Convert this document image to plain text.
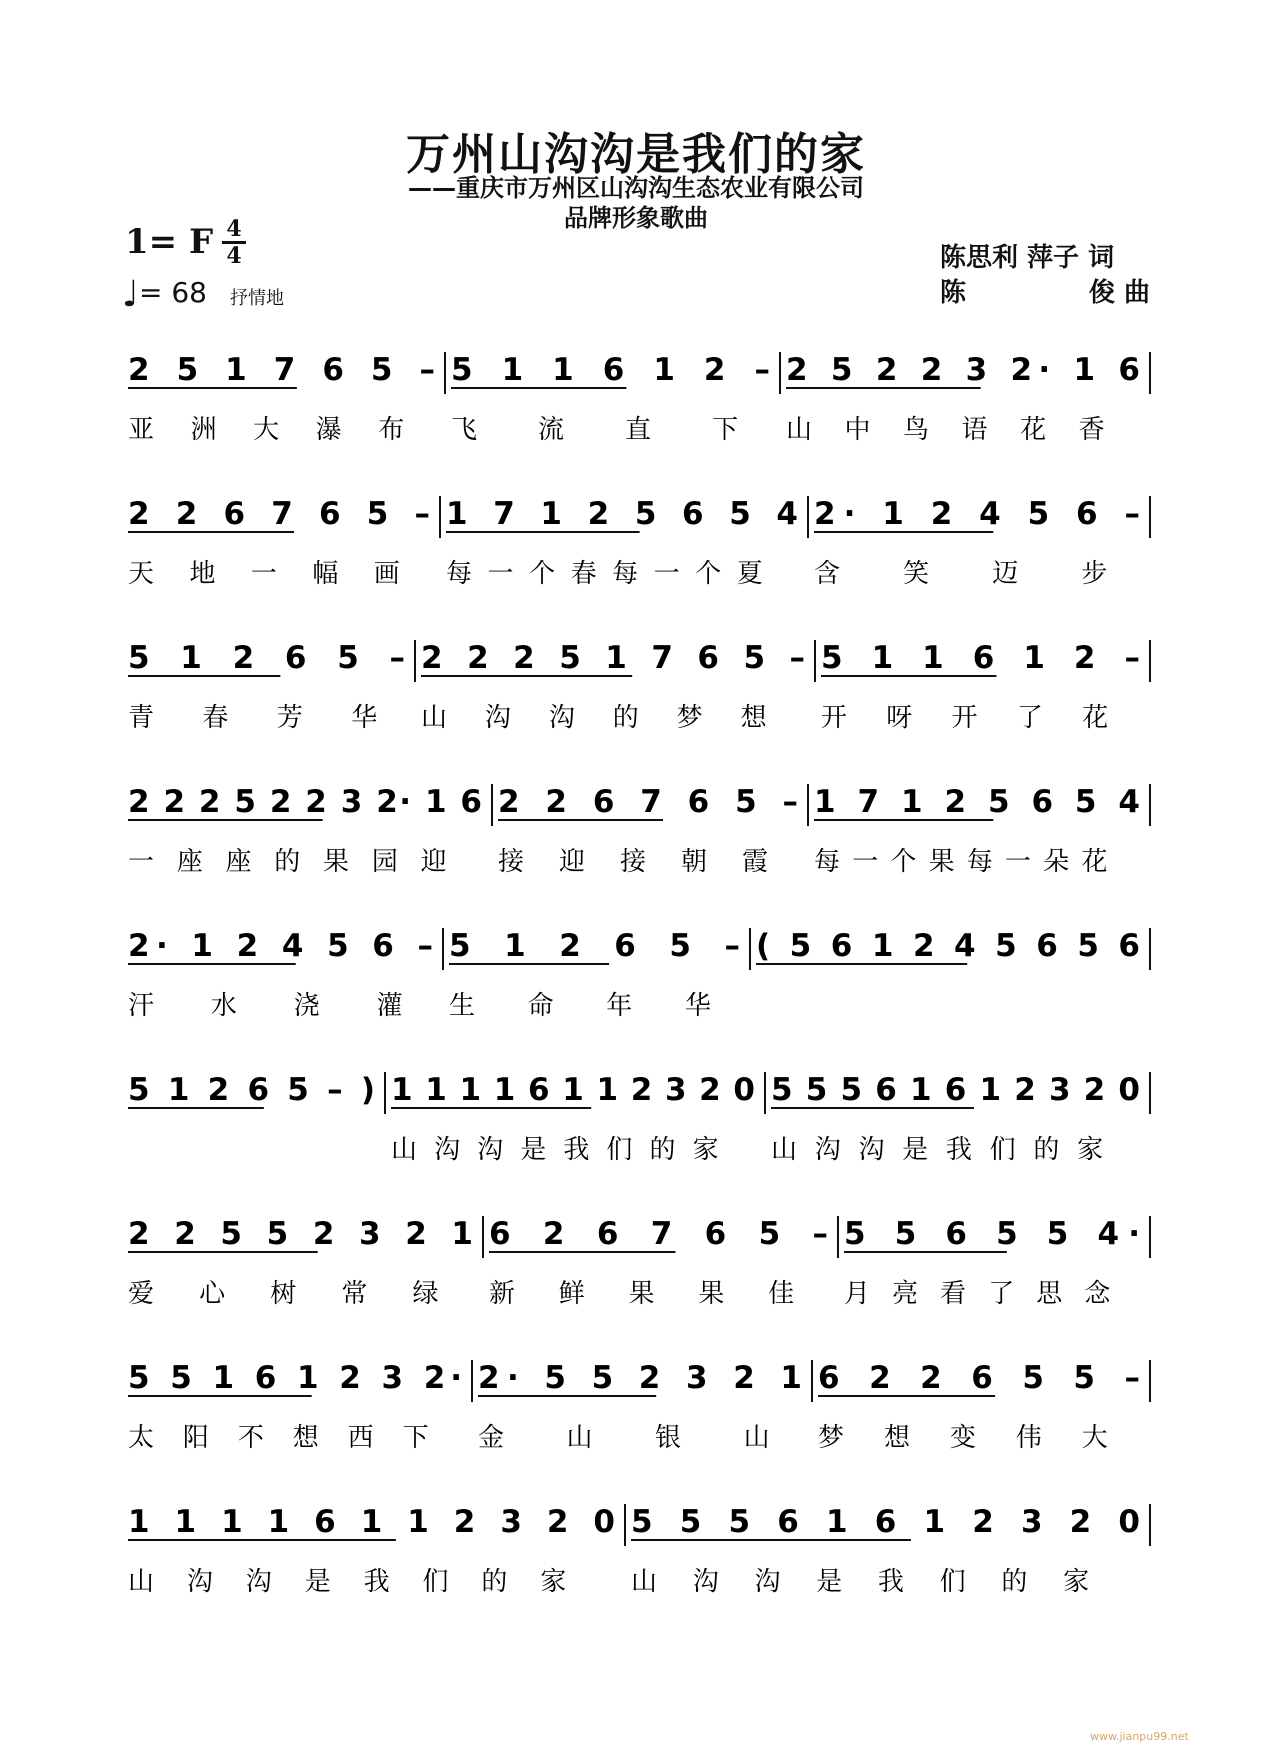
万州山沟沟是我们的家
——重庆市万州区山沟沟生态农业有限公司
品牌形象歌曲
1= F 4
4
♩= 68 抒情地
陈思利 萍子 词
陈	俊 曲
2 5 1 7 6 5 – 5 1 1 6 1 2 – 2 5 2 2 3 2· 1 6
亚 洲 大 瀑 布 飞 流 直 下 山 中 鸟 语 花 香
2 2 6 7 6 5 – 1 7 1 2 5 6 5 4 2· 1 2 4 5 6 –
天 地 一 幅 画 每 一 个 春 每 一 个 夏 含 笑 迈 步
5 1 2 6 5 – 2 2 2 5 1 7 6 5 – 5 1 1 6 1 2 –
青 春 芳 华 山 沟 沟 的 梦 想 开 呀 开 了 花
2 2 2 5 2 2 3 2· 1 6 2 2 6 7 6 5 – 1 7 1 2 5 6 5 4
一 座 座 的 果 园 迎 接 迎 接 朝 霞 每 一 个 果 每 一 朵 花
2· 1 2 4 5 6 – 5 1 2 6 5 – ( 5 6 1 2 4 5 6 5 6
汗 水 浇 灌 生 命 年 华
5 1 2 6 5 – ) 1 1 1 1 6 1 1 2 3 2 0 5 5 5 6 1 6 1 2 3 2 0
山 沟 沟 是 我 们 的 家 山 沟 沟 是 我 们 的 家
2 2 5 5 2 3 2 1 6 2 6 7 6 5 – 5 5 6 5 5 4·
爱 心 树 常 绿 新 鲜 果 果 佳 月 亮 看 了 思 念
5 5 1 6 1 2 3 2· 2· 5 5 2 3 2 1 6 2 2 6 5 5 –
太 阳 不 想 西 下 金 山 银 山 梦 想 变 伟 大
1 1 1 1 6 1 1 2 3 2 0 5 5 5 6 1 6 1 2 3 2 0
山 沟 沟 是 我 们 的 家 山 沟 沟 是 我 们 的 家
www.jianpu99.net
